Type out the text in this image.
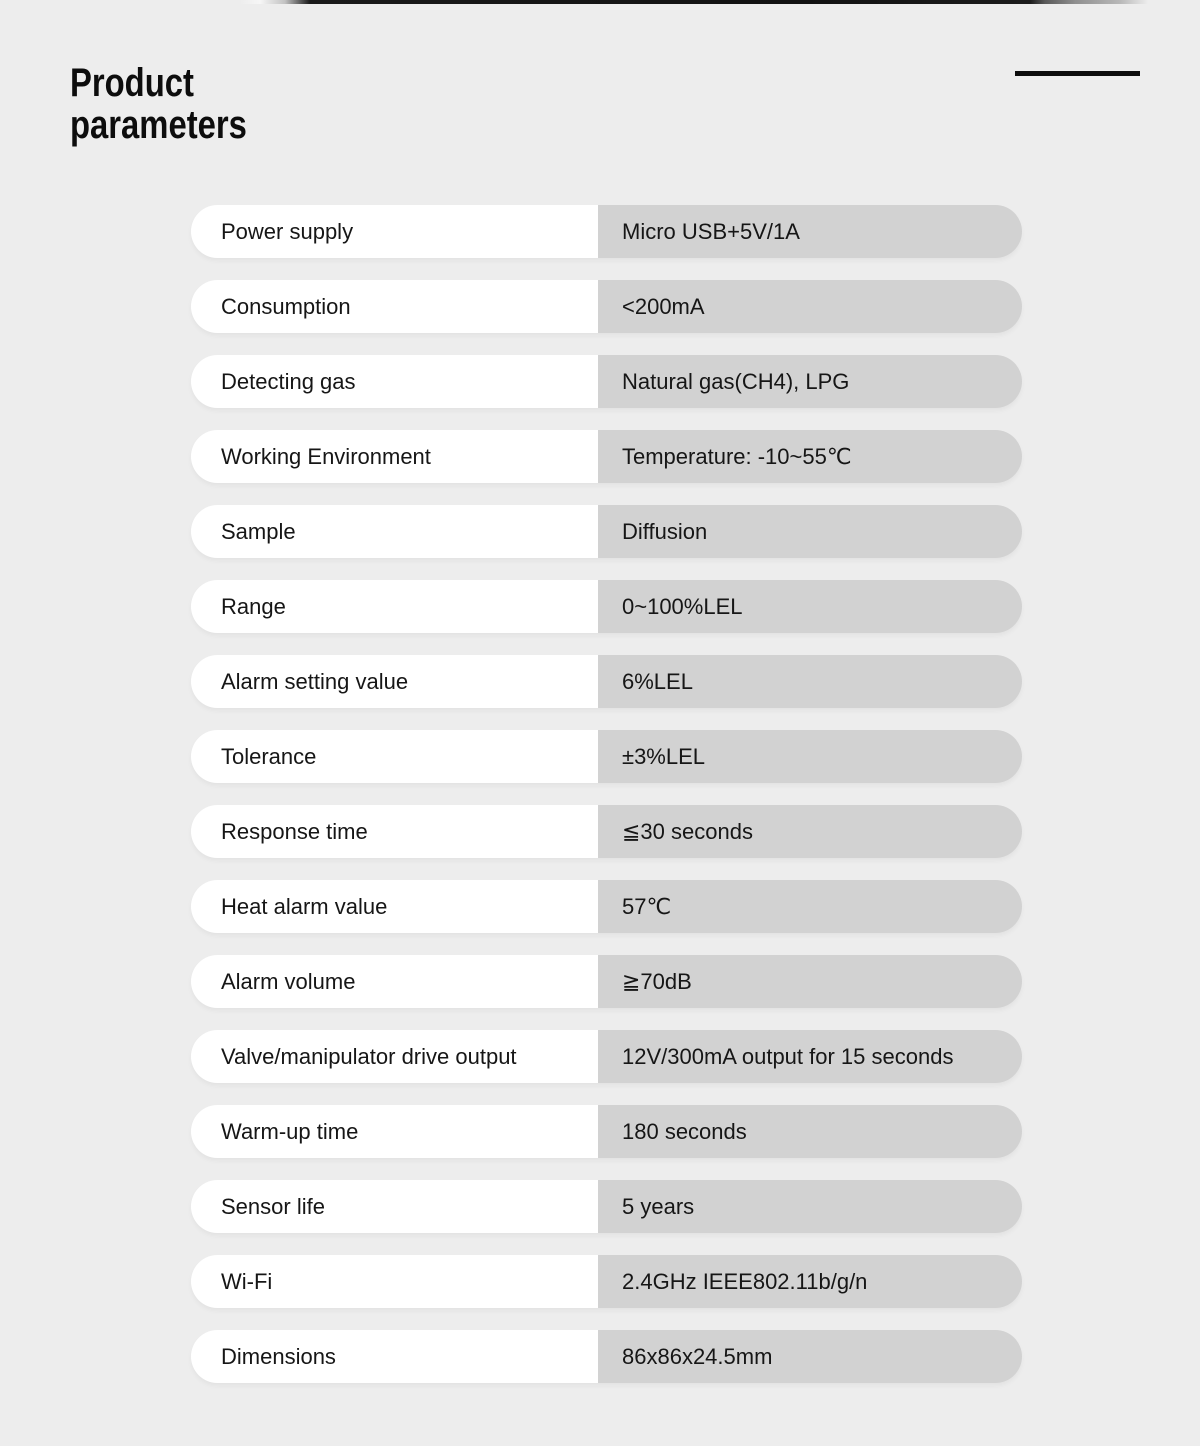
Product
parameters
Power supply	Micro USB+5V/1A
Consumption	<200mA
Detecting gas	Natural gas(CH4), LPG
Working Environment	Temperature: -10~55℃
Sample	Diffusion
Range	0~100%LEL
Alarm setting value	6%LEL
Tolerance	±3%LEL
Response time	≦30 seconds
Heat alarm value	57℃
Alarm volume	≧70dB
Valve/manipulator drive output	12V/300mA output for 15 seconds
Warm-up time	180 seconds
Sensor life	5 years
Wi-Fi	2.4GHz IEEE802.11b/g/n
Dimensions	86x86x24.5mm
